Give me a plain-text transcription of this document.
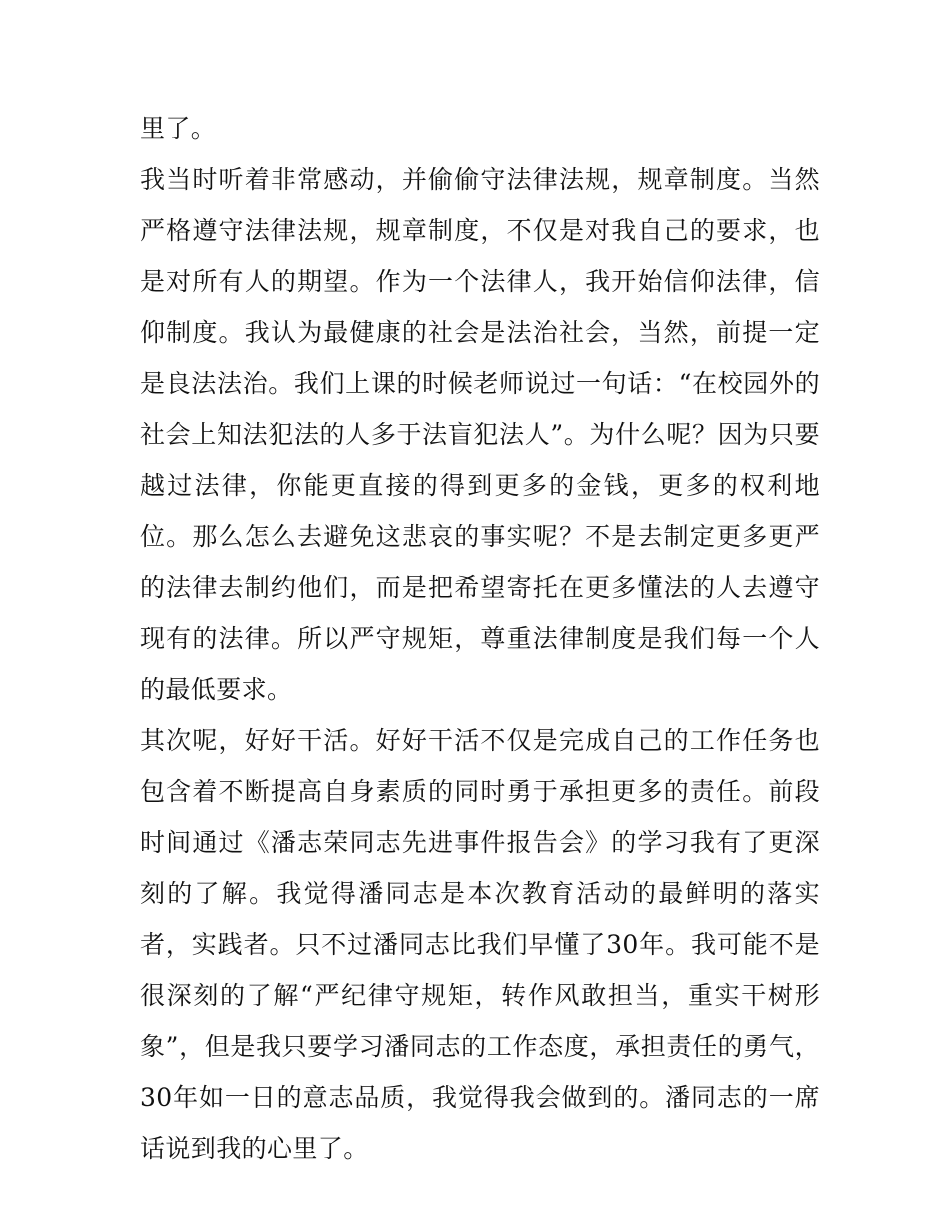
里了。

我当时听着非常感动，并偷偷守法律法规，规章制度。当然严格遵守法律法规，规章制度，不仅是对我自己的要求，也是对所有人的期望。作为一个法律人，我开始信仰法律，信仰制度。我认为最健康的社会是法治社会，当然，前提一定是良法法治。我们上课的时候老师说过一句话：“在校园外的社会上知法犯法的人多于法盲犯法人”。为什么呢？因为只要越过法律，你能更直接的得到更多的金钱，更多的权利地位。那么怎么去避免这悲哀的事实呢？不是去制定更多更严的法律去制约他们，而是把希望寄托在更多懂法的人去遵守现有的法律。所以严守规矩，尊重法律制度是我们每一个人的最低要求。

其次呢，好好干活。好好干活不仅是完成自己的工作任务也包含着不断提高自身素质的同时勇于承担更多的责任。前段时间通过《潘志荣同志先进事件报告会》的学习我有了更深刻的了解。我觉得潘同志是本次教育活动的最鲜明的落实者，实践者。只不过潘同志比我们早懂了30年。我可能不是很深刻的了解“严纪律守规矩，转作风敢担当，重实干树形象”，但是我只要学习潘同志的工作态度，承担责任的勇气，30年如一日的意志品质，我觉得我会做到的。潘同志的一席话说到我的心里了。
